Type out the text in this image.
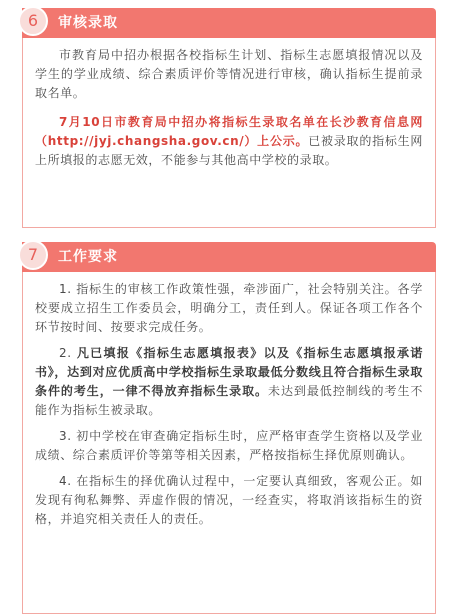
6	审核录取

市教育局中招办根据各校指标生计划、指标生志愿填报情况以及学生的学业成绩、综合素质评价等情况进行审核，确认指标生提前录取名单。

7月10日市教育局中招办将指标生录取名单在长沙教育信息网（http://jyj.changsha.gov.cn/）上公示。已被录取的指标生网上所填报的志愿无效，不能参与其他高中学校的录取。

7	工作要求

1. 指标生的审核工作政策性强，牵涉面广，社会特别关注。各学校要成立招生工作委员会，明确分工，责任到人。保证各项工作各个环节按时间、按要求完成任务。

2. 凡已填报《指标生志愿填报表》以及《指标生志愿填报承诺书》，达到对应优质高中学校指标生录取最低分数线且符合指标生录取条件的考生，一律不得放弃指标生录取。未达到最低控制线的考生不能作为指标生被录取。

3. 初中学校在审查确定指标生时，应严格审查学生资格以及学业成绩、综合素质评价等第等相关因素，严格按指标生择优原则确认。

4. 在指标生的择优确认过程中，一定要认真细致，客观公正。如发现有徇私舞弊、弄虚作假的情况，一经查实，将取消该指标生的资格，并追究相关责任人的责任。
